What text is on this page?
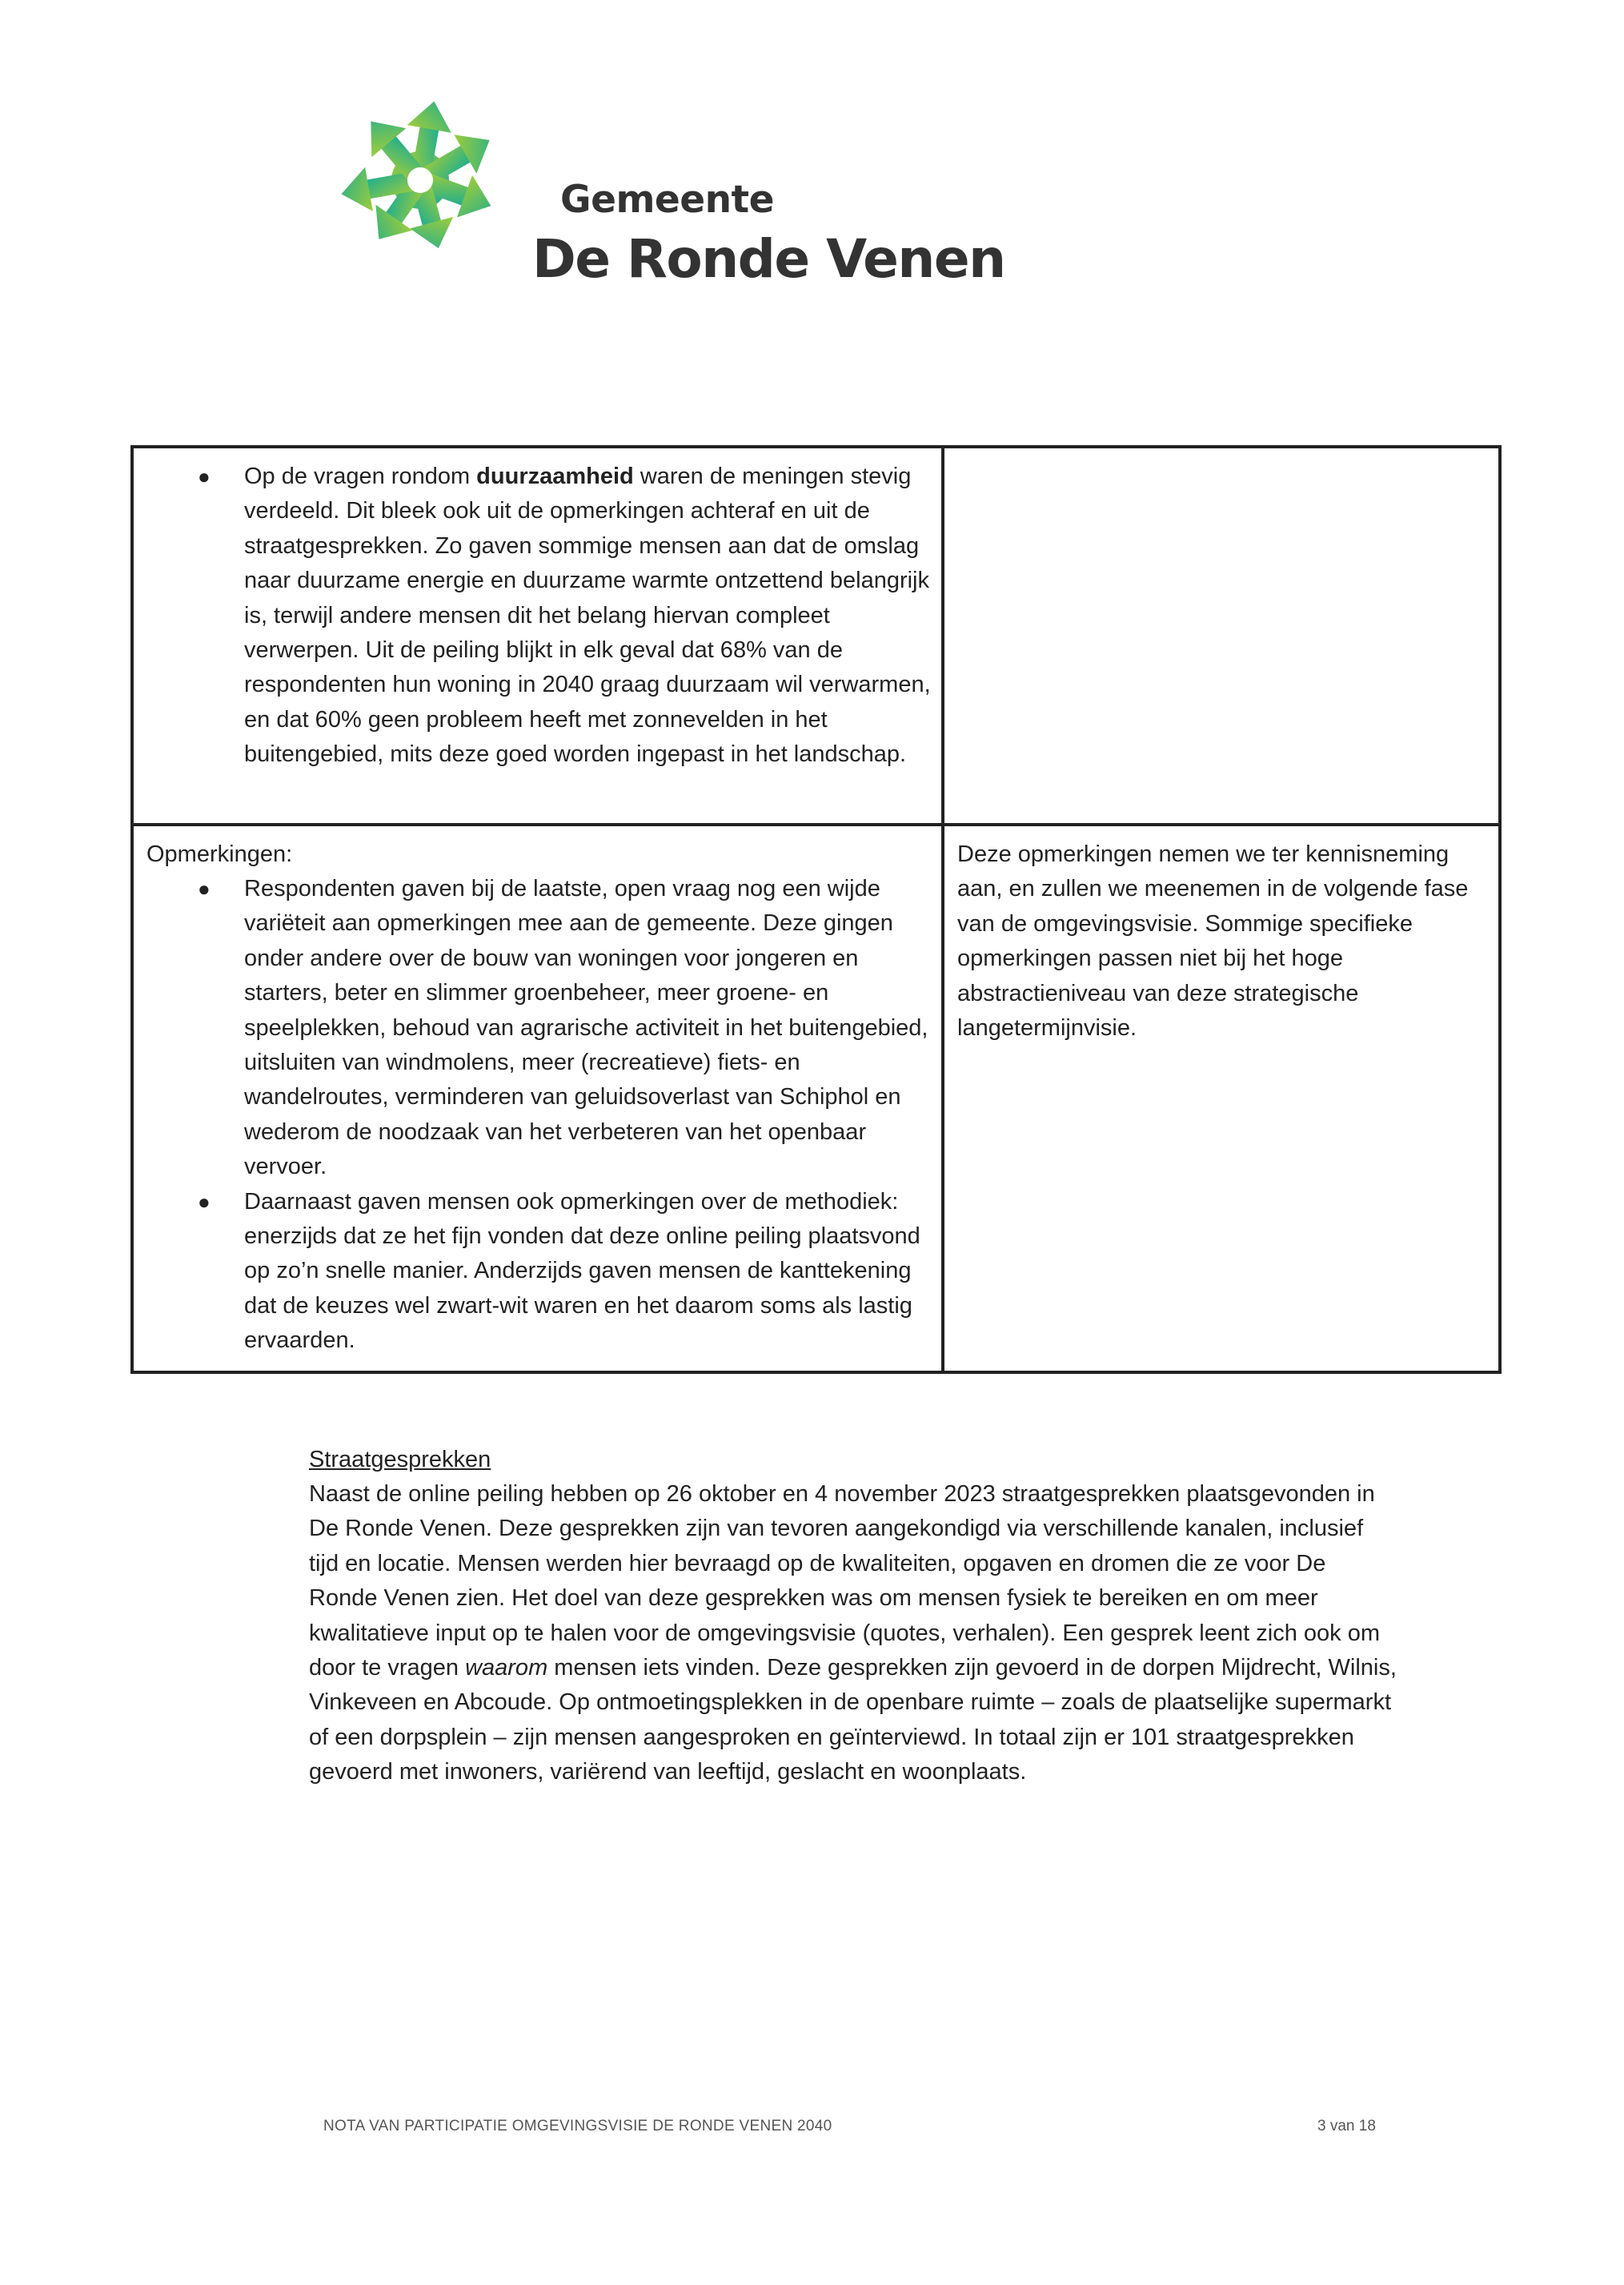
Gemeente
De Ronde Venen
● Op de vragen rondom duurzaamheid waren de meningen stevig verdeeld. Dit bleek ook uit de opmerkingen achteraf en uit de straatgesprekken. Zo gaven sommige mensen aan dat de omslag naar duurzame energie en duurzame warmte ontzettend belangrijk is, terwijl andere mensen dit het belang hiervan compleet verwerpen. Uit de peiling blijkt in elk geval dat 68% van de respondenten hun woning in 2040 graag duurzaam wil verwarmen, en dat 60% geen probleem heeft met zonnevelden in het buitengebied, mits deze goed worden ingepast in het landschap.
Opmerkingen:
● Respondenten gaven bij de laatste, open vraag nog een wijde variëteit aan opmerkingen mee aan de gemeente. Deze gingen onder andere over de bouw van woningen voor jongeren en starters, beter en slimmer groenbeheer, meer groene- en speelplekken, behoud van agrarische activiteit in het buitengebied, uitsluiten van windmolens, meer (recreatieve) fiets- en wandelroutes, verminderen van geluidsoverlast van Schiphol en wederom de noodzaak van het verbeteren van het openbaar vervoer.
● Daarnaast gaven mensen ook opmerkingen over de methodiek: enerzijds dat ze het fijn vonden dat deze online peiling plaatsvond op zo’n snelle manier. Anderzijds gaven mensen de kanttekening dat de keuzes wel zwart-wit waren en het daarom soms als lastig ervaarden.
Deze opmerkingen nemen we ter kennisneming aan, en zullen we meenemen in de volgende fase van de omgevingsvisie. Sommige specifieke opmerkingen passen niet bij het hoge abstractieniveau van deze strategische langetermijnvisie.
Straatgesprekken
Naast de online peiling hebben op 26 oktober en 4 november 2023 straatgesprekken plaatsgevonden in De Ronde Venen. Deze gesprekken zijn van tevoren aangekondigd via verschillende kanalen, inclusief tijd en locatie. Mensen werden hier bevraagd op de kwaliteiten, opgaven en dromen die ze voor De Ronde Venen zien. Het doel van deze gesprekken was om mensen fysiek te bereiken en om meer kwalitatieve input op te halen voor de omgevingsvisie (quotes, verhalen). Een gesprek leent zich ook om door te vragen waarom mensen iets vinden. Deze gesprekken zijn gevoerd in de dorpen Mijdrecht, Wilnis, Vinkeveen en Abcoude. Op ontmoetingsplekken in de openbare ruimte – zoals de plaatselijke supermarkt of een dorpsplein – zijn mensen aangesproken en geïnterviewd. In totaal zijn er 101 straatgesprekken gevoerd met inwoners, variërend van leeftijd, geslacht en woonplaats.
NOTA VAN PARTICIPATIE OMGEVINGSVISIE DE RONDE VENEN 2040	3 van 18
